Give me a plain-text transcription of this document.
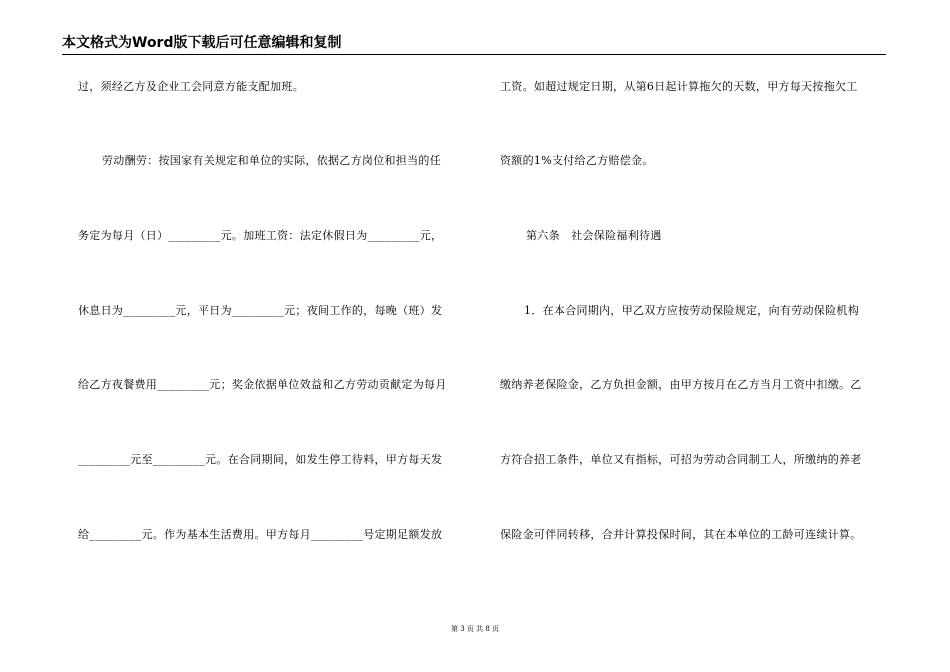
本文格式为Word版下载后可任意编辑和复制
过，须经乙方及企业工会同意方能支配加班。
劳动酬劳：按国家有关规定和单位的实际，依据乙方岗位和担当的任
务定为每月（日）_________元。加班工资：法定休假日为_________元，
休息日为_________元，平日为_________元；夜间工作的，每晚（班）发
给乙方夜餐费用_________元；奖金依据单位效益和乙方劳动贡献定为每月
_________元至_________元。在合同期间，如发生停工待料，甲方每天发
给_________元。作为基本生活费用。甲方每月_________号定期足额发放
工资。如超过规定日期，从第6日起计算拖欠的天数，甲方每天按拖欠工
资额的1%支付给乙方赔偿金。
第六条　社会保险福利待遇
1．在本合同期内，甲乙双方应按劳动保险规定，向有劳动保险机构
缴纳养老保险金，乙方负担金额，由甲方按月在乙方当月工资中扣缴。乙
方符合招工条件，单位又有指标，可招为劳动合同制工人，所缴纳的养老
保险金可伴同转移，合并计算投保时间，其在本单位的工龄可连续计算。
第 3 页 共 8 页
